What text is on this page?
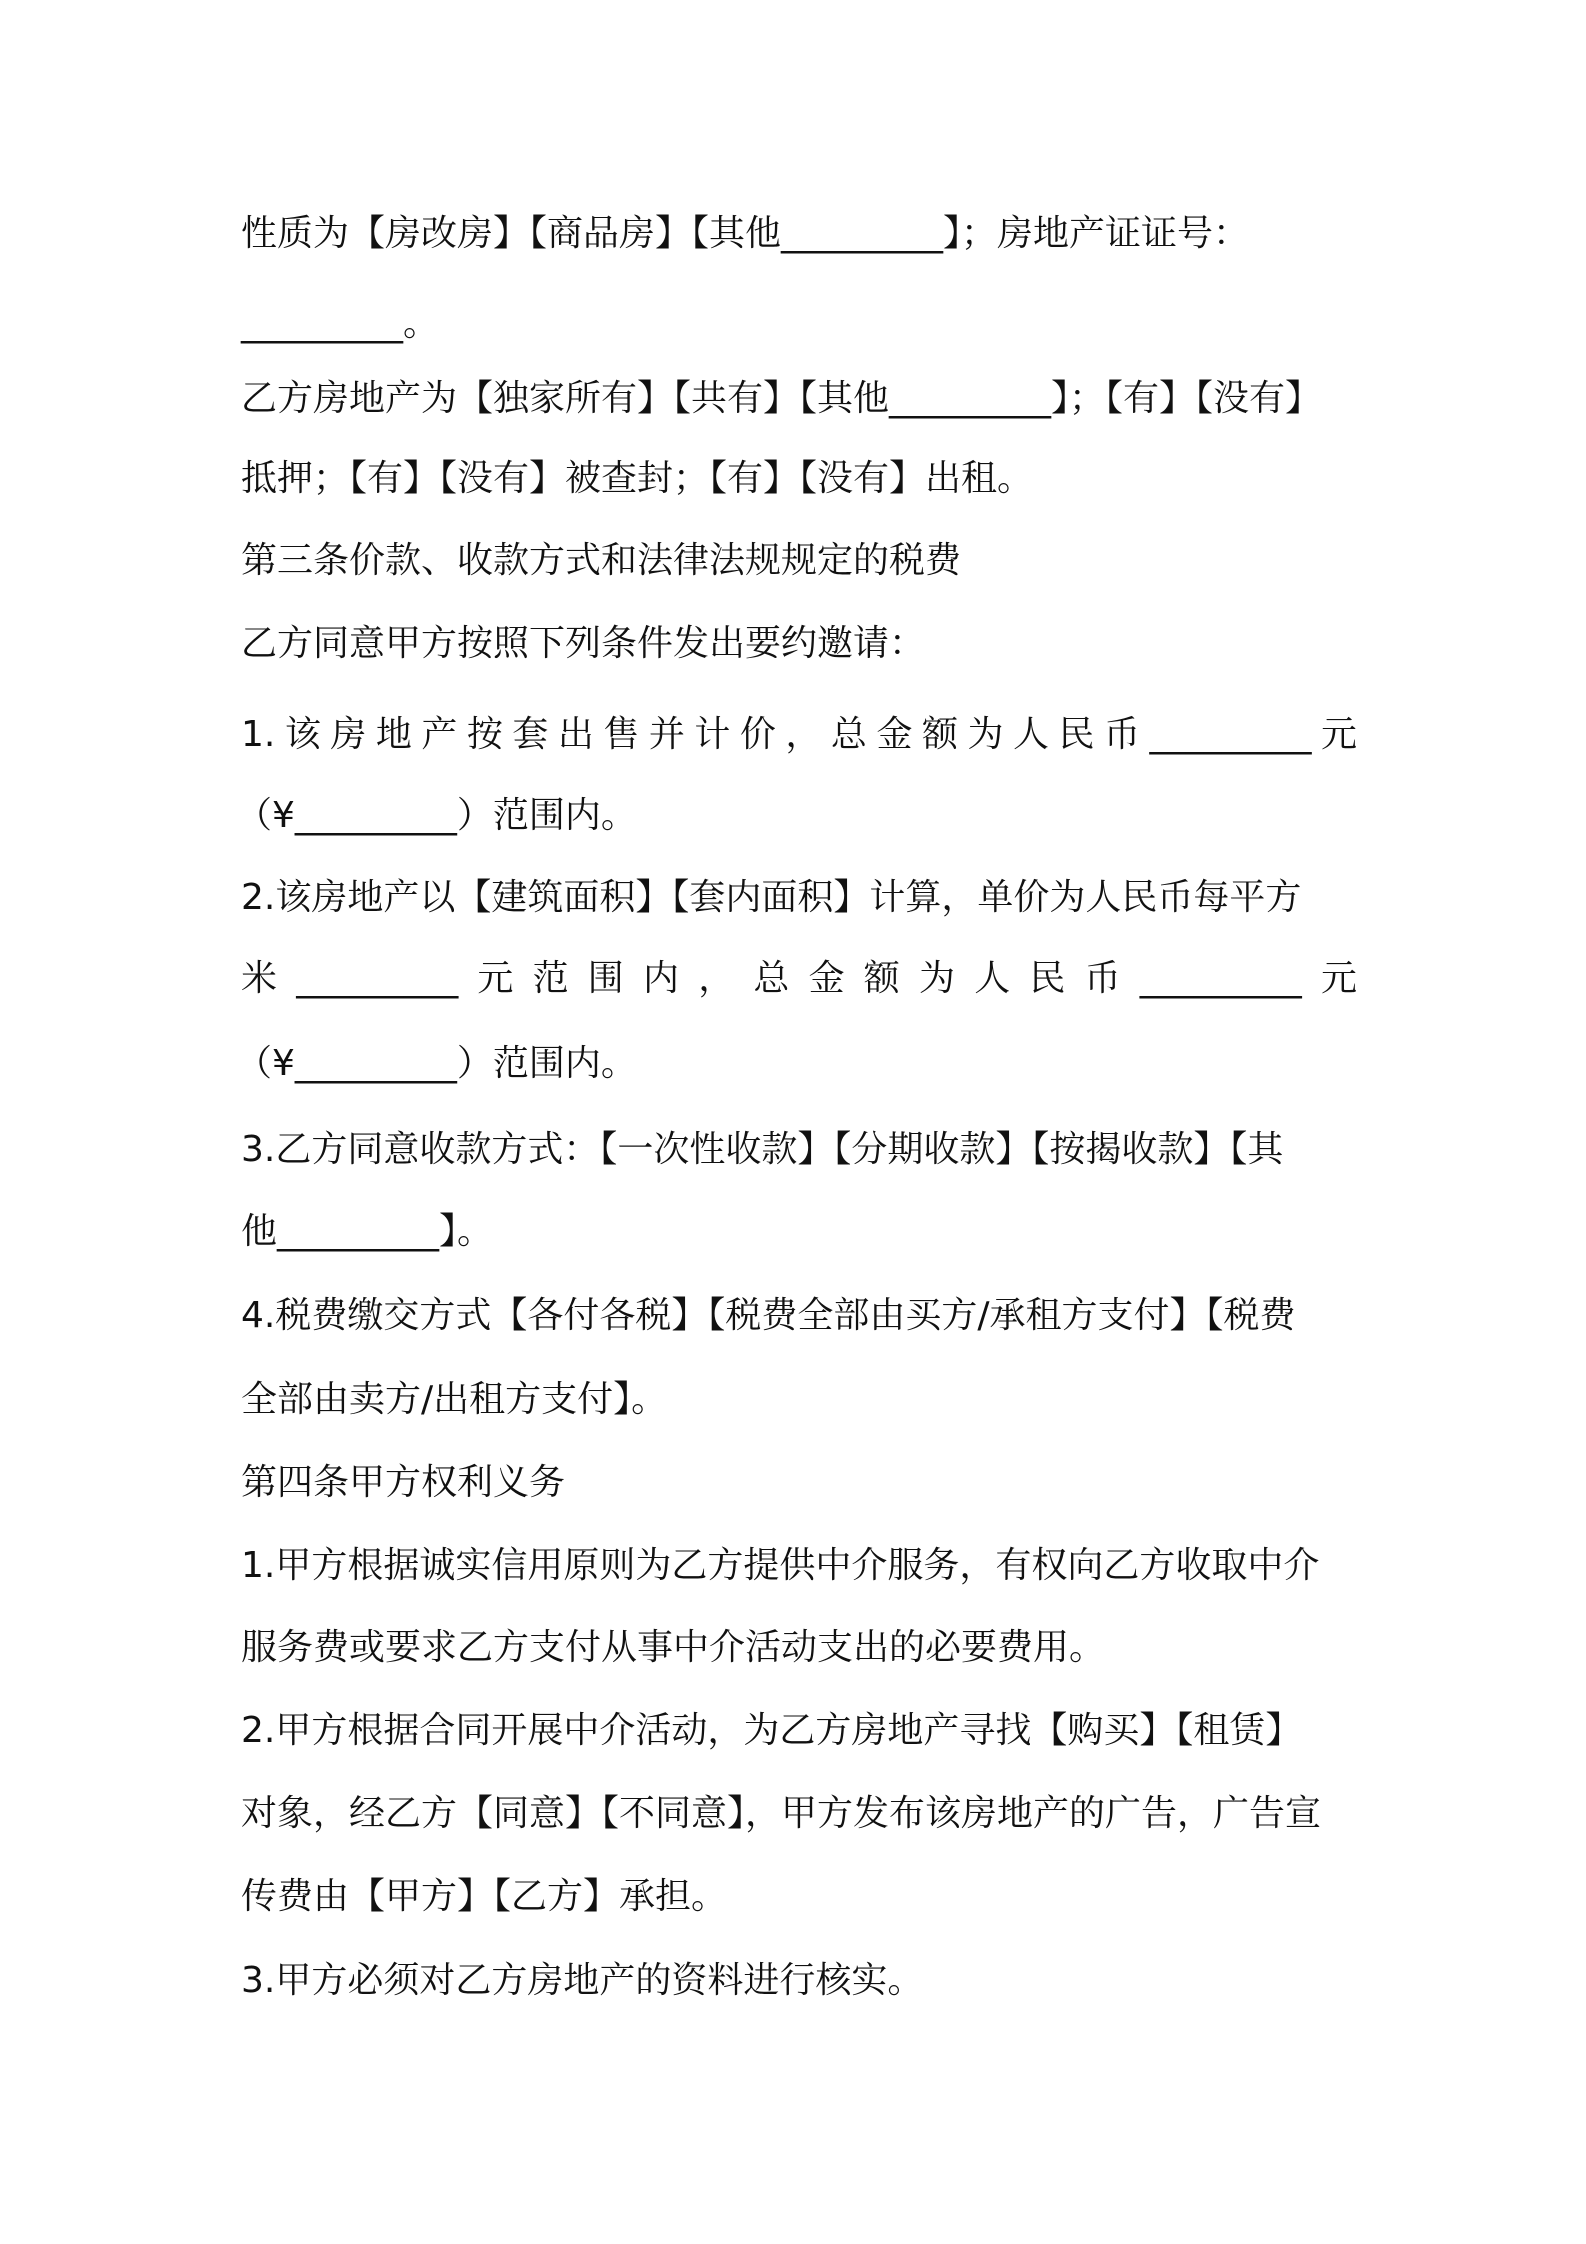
性质为【房改房】【商品房】【其他_________】；房地产证证号：
_________。
乙方房地产为【独家所有】【共有】【其他_________】；【有】【没有】
抵押；【有】【没有】被查封；【有】【没有】出租。
第三条价款、收款方式和法律法规规定的税费
乙方同意甲方按照下列条件发出要约邀请：
1.该房地产按套出售并计价，总金额为人民币_________元
（¥_________）范围内。
2.该房地产以【建筑面积】【套内面积】计算，单价为人民币每平方
米_________元范围内，总金额为人民币_________元
（¥_________）范围内。
3.乙方同意收款方式：【一次性收款】【分期收款】【按揭收款】【其
他_________】。
4.税费缴交方式【各付各税】【税费全部由买方/承租方支付】【税费
全部由卖方/出租方支付】。
第四条甲方权利义务
1.甲方根据诚实信用原则为乙方提供中介服务，有权向乙方收取中介
服务费或要求乙方支付从事中介活动支出的必要费用。
2.甲方根据合同开展中介活动，为乙方房地产寻找【购买】【租赁】
对象，经乙方【同意】【不同意】，甲方发布该房地产的广告，广告宣
传费由【甲方】【乙方】承担。
3.甲方必须对乙方房地产的资料进行核实。
